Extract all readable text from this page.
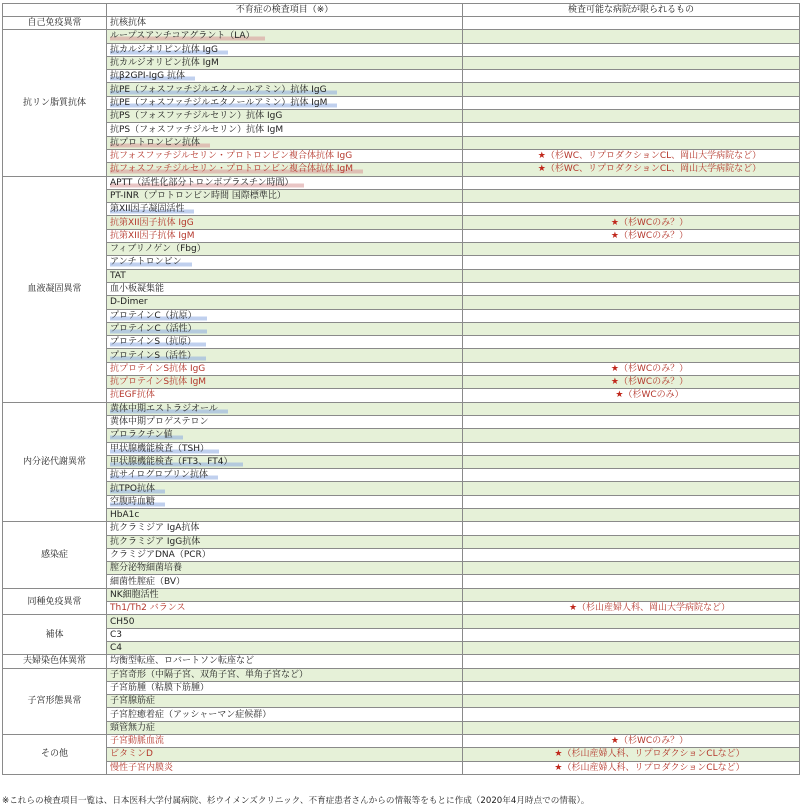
	不育症の検査項目（※）	検査可能な病院が限られるもの
自己免疫異常	抗核抗体	
抗リン脂質抗体	ループスアンチコアグラント（LA）	
	抗カルジオリピン抗体 IgG	
	抗カルジオリピン抗体 IgM	
	抗β2GPI-IgG 抗体	
	抗PE（フォスファチジルエタノールアミン）抗体 IgG	
	抗PE（フォスファチジルエタノールアミン）抗体 IgM	
	抗PS（フォスファチジルセリン）抗体 IgG	
	抗PS（フォスファチジルセリン）抗体 IgM	
	抗プロトロンビン抗体	
	抗フォスファチジルセリン・プロトロンビン複合体抗体 IgG	★（杉WC、リプロダクションCL、岡山大学病院など）
	抗フォスファチジルセリン・プロトロンビン複合体抗体 IgM	★（杉WC、リプロダクションCL、岡山大学病院など）
血液凝固異常	APTT（活性化部分トロンボプラスチン時間）	
	PT-INR（プロトロンビン時間 国際標準比）	
	第XII因子凝固活性	
	抗第XII因子抗体 IgG	★（杉WCのみ？）
	抗第XII因子抗体 IgM	★（杉WCのみ？）
	フィブリノゲン（Fbg）	
	アンチトロンビン	
	TAT	
	血小板凝集能	
	D-Dimer	
	プロテインC（抗原）	
	プロテインC（活性）	
	プロテインS（抗原）	
	プロテインS（活性）	
	抗プロテインS抗体 IgG	★（杉WCのみ？）
	抗プロテインS抗体 IgM	★（杉WCのみ？）
	抗EGF抗体	★（杉WCのみ）
内分泌代謝異常	黄体中期エストラジオール	
	黄体中期プロゲステロン	
	プロラクチン値	
	甲状腺機能検査（TSH）	
	甲状腺機能検査（FT3、FT4）	
	抗サイログロブリン抗体	
	抗TPO抗体	
	空腹時血糖	
	HbA1c	
感染症	抗クラミジア IgA抗体	
	抗クラミジア IgG抗体	
	クラミジアDNA（PCR）	
	膣分泌物細菌培養	
	細菌性膣症（BV）	
同種免疫異常	NK細胞活性	
	Th1/Th2 バランス	★（杉山産婦人科、岡山大学病院など）
補体	CH50	
	C3	
	C4	
夫婦染色体異常	均衡型転座、ロバートソン転座など	
子宮形態異常	子宮奇形（中隔子宮、双角子宮、単角子宮など）	
	子宮筋腫（粘膜下筋腫）	
	子宮腺筋症	
	子宮腔癒着症（アッシャーマン症候群）	
	頸管無力症	
その他	子宮動脈血流	★（杉WCのみ？）
	ビタミンD	★（杉山産婦人科、リプロダクションCLなど）
	慢性子宮内膜炎	★（杉山産婦人科、リプロダクションCLなど）
※これらの検査項目一覧は、日本医科大学付属病院、杉ウイメンズクリニック、不育症患者さんからの情報等をもとに作成（2020年4月時点での情報）。
